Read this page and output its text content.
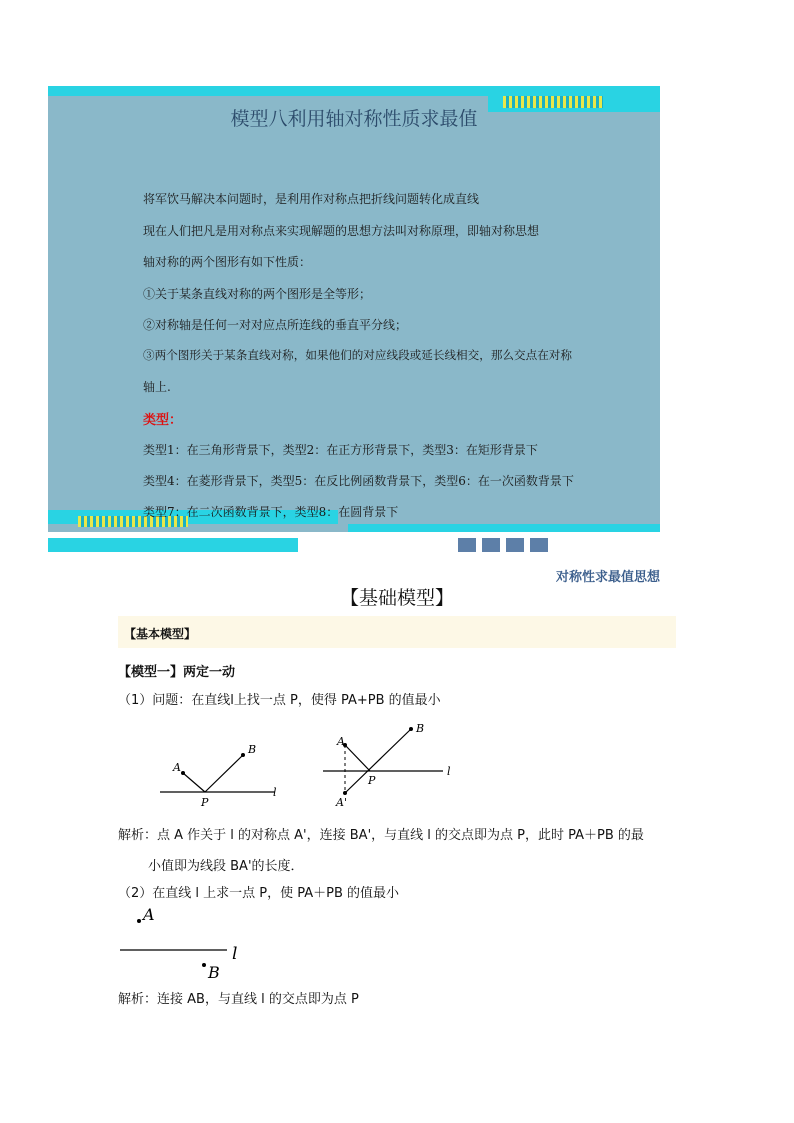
模型八利用轴对称性质求最值
将军饮马解决本问题时，是利用作对称点把折线问题转化成直线
现在人们把凡是用对称点来实现解题的思想方法叫对称原理，即轴对称思想
轴对称的两个图形有如下性质：
①关于某条直线对称的两个图形是全等形；
②对称轴是任何一对对应点所连线的垂直平分线；
③两个图形关于某条直线对称，如果他们的对应线段或延长线相交，那么交点在对称
轴上.
类型：
类型1：在三角形背景下，类型2：在正方形背景下，类型3：在矩形背景下
类型4：在菱形背景下，类型5：在反比例函数背景下，类型6：在一次函数背景下
类型7：在二次函数背景下，类型8：在圆背景下
对称性求最值思想
【基础模型】
【基本模型】
【模型一】两定一动
（1）问题：在直线l上找一点 P，使得 PA+PB 的值最小
A
B
P
l
A
B
P
l
A'
解析：点 A 作关于 l 的对称点 A'，连接 BA'，与直线 l 的交点即为点 P，此时 PA＋PB 的最
小值即为线段 BA'的长度．
（2）在直线 l 上求一点 P，使 PA＋PB 的值最小
A
B
l
解析：连接 AB，与直线 l 的交点即为点 P
